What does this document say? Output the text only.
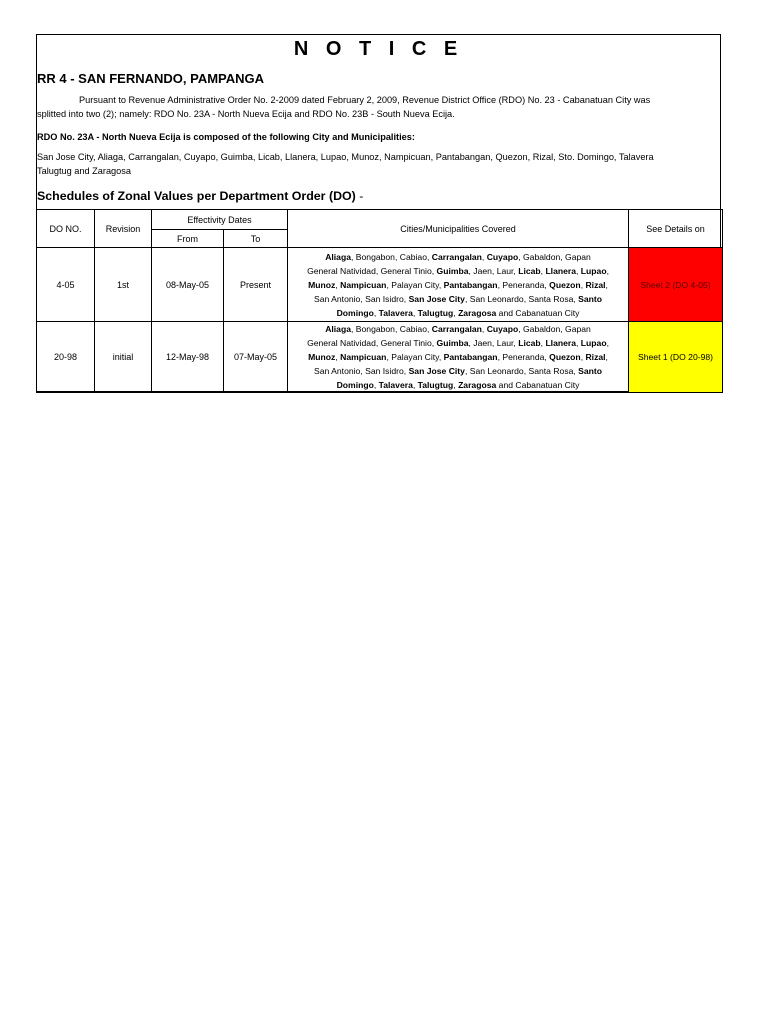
N O T I C E
RR 4 - SAN FERNANDO, PAMPANGA
Pursuant to Revenue Administrative Order No. 2-2009 dated February 2, 2009, Revenue District Office (RDO) No. 23 - Cabanatuan City was
splitted into two (2); namely: RDO No. 23A - North Nueva Ecija and RDO No. 23B - South Nueva Ecija.
RDO No. 23A - North Nueva Ecija is composed of the following City and Municipalities:
San Jose City, Aliaga, Carrangalan, Cuyapo, Guimba, Licab, Llanera, Lupao, Munoz, Nampicuan, Pantabangan, Quezon, Rizal, Sto. Domingo, Talavera
Talugtug and Zaragosa
Schedules of Zonal Values per Department Order (DO) -
DO NO.	Revision	Effectivity Dates		Cities/Municipalities Covered	See Details on
		From	To		
4-05	1st	08-May-05	Present	Aliaga, Bongabon, Cabiao, Carrangalan, Cuyapo, Gabaldon, Gapan
General Natividad, General Tinio, Guimba, Jaen, Laur, Licab, Llanera, Lupao,
Munoz, Nampicuan, Palayan City, Pantabangan, Peneranda, Quezon, Rizal,
San Antonio, San Isidro, San Jose City, San Leonardo, Santa Rosa, Santo
Domingo, Talavera, Talugtug, Zaragosa and Cabanatuan City	Sheet 2 (DO 4-05)
20-98	initial	12-May-98	07-May-05	Aliaga, Bongabon, Cabiao, Carrangalan, Cuyapo, Gabaldon, Gapan
General Natividad, General Tinio, Guimba, Jaen, Laur, Licab, Llanera, Lupao,
Munoz, Nampicuan, Palayan City, Pantabangan, Peneranda, Quezon, Rizal,
San Antonio, San Isidro, San Jose City, San Leonardo, Santa Rosa, Santo
Domingo, Talavera, Talugtug, Zaragosa and Cabanatuan City	Sheet 1 (DO 20-98)
